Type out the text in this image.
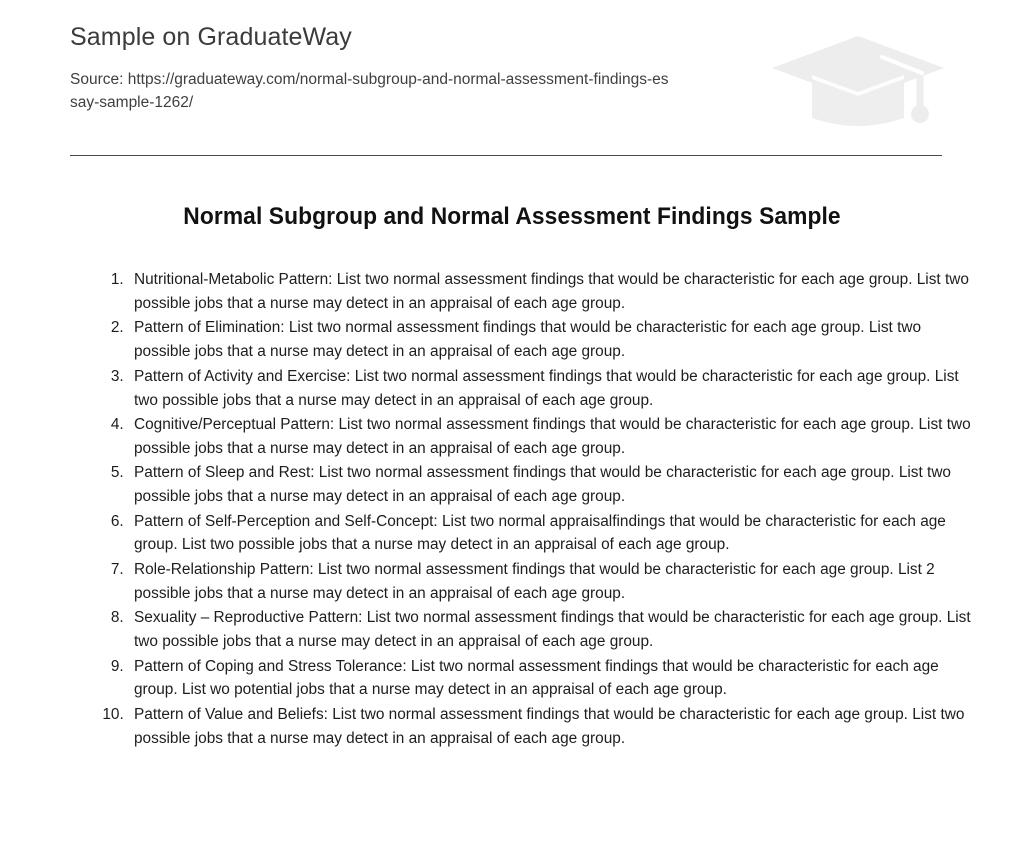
Sample on GraduateWay
Source: https://graduateway.com/normal-subgroup-and-normal-assessment-findings-essay-sample-1262/
Normal Subgroup and Normal Assessment Findings Sample
1. Nutritional-Metabolic Pattern: List two normal assessment findings that would be characteristic for each age group. List two possible jobs that a nurse may detect in an appraisal of each age group.
2. Pattern of Elimination: List two normal assessment findings that would be characteristic for each age group. List two possible jobs that a nurse may detect in an appraisal of each age group.
3. Pattern of Activity and Exercise: List two normal assessment findings that would be characteristic for each age group. List two possible jobs that a nurse may detect in an appraisal of each age group.
4. Cognitive/Perceptual Pattern: List two normal assessment findings that would be characteristic for each age group. List two possible jobs that a nurse may detect in an appraisal of each age group.
5. Pattern of Sleep and Rest: List two normal assessment findings that would be characteristic for each age group. List two possible jobs that a nurse may detect in an appraisal of each age group.
6. Pattern of Self-Perception and Self-Concept: List two normal appraisalfindings that would be characteristic for each age group. List two possible jobs that a nurse may detect in an appraisal of each age group.
7. Role-Relationship Pattern: List two normal assessment findings that would be characteristic for each age group. List 2 possible jobs that a nurse may detect in an appraisal of each age group.
8. Sexuality – Reproductive Pattern: List two normal assessment findings that would be characteristic for each age group. List two possible jobs that a nurse may detect in an appraisal of each age group.
9. Pattern of Coping and Stress Tolerance: List two normal assessment findings that would be characteristic for each age group. List wo potential jobs that a nurse may detect in an appraisal of each age group.
10. Pattern of Value and Beliefs: List two normal assessment findings that would be characteristic for each age group. List two possible jobs that a nurse may detect in an appraisal of each age group.
